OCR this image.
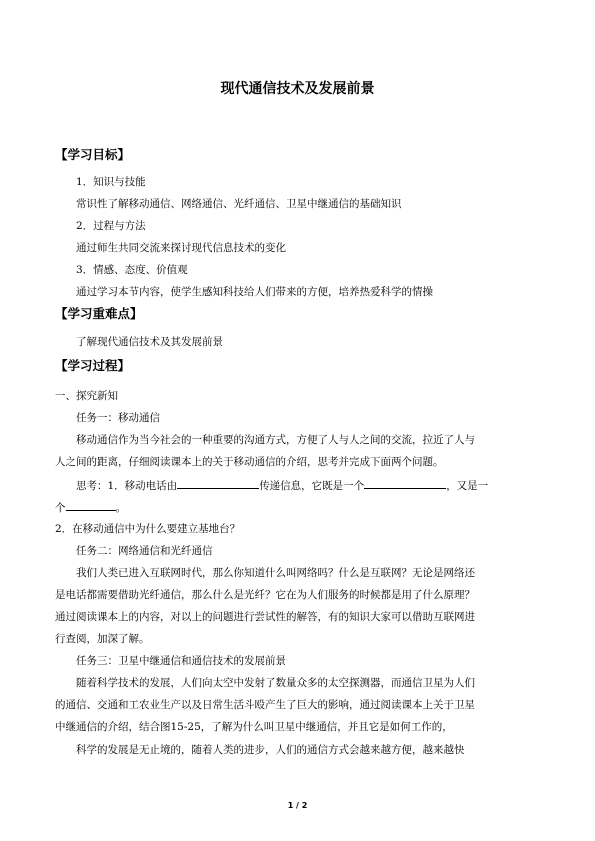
现代通信技术及发展前景
【学习目标】
1．知识与技能
常识性了解移动通信、网络通信、光纤通信、卫星中继通信的基础知识
2．过程与方法
通过师生共同交流来探讨现代信息技术的变化
3．情感、态度、价值观
通过学习本节内容，使学生感知科技给人们带来的方便，培养热爱科学的情操
【学习重难点】
了解现代通信技术及其发展前景
【学习过程】
一、探究新知
任务一：移动通信
移动通信作为当今社会的一种重要的沟通方式，方便了人与人之间的交流，拉近了人与
人之间的距离，仔细阅读课本上的关于移动通信的介绍，思考并完成下面两个问题。
思考：1．移动电话由	传递信息，它既是一个	，又是一
个	。
2．在移动通信中为什么要建立基地台？
任务二：网络通信和光纤通信
我们人类已进入互联网时代，那么你知道什么叫网络吗？什么是互联网？无论是网络还
是电话都需要借助光纤通信，那么什么是光纤？它在为人们服务的时候都是用了什么原理？
通过阅读课本上的内容，对以上的问题进行尝试性的解答，有的知识大家可以借助互联网进
行查阅，加深了解。
任务三：卫星中继通信和通信技术的发展前景
随着科学技术的发展，人们向太空中发射了数量众多的太空探测器，而通信卫星为人们
的通信、交通和工农业生产以及日常生活斗殴产生了巨大的影响，通过阅读课本上关于卫星
中继通信的介绍，结合图15-25，了解为什么叫卫星中继通信，并且它是如何工作的，
科学的发展是无止境的，随着人类的进步，人们的通信方式会越来越方便，越来越快
1 / 2
